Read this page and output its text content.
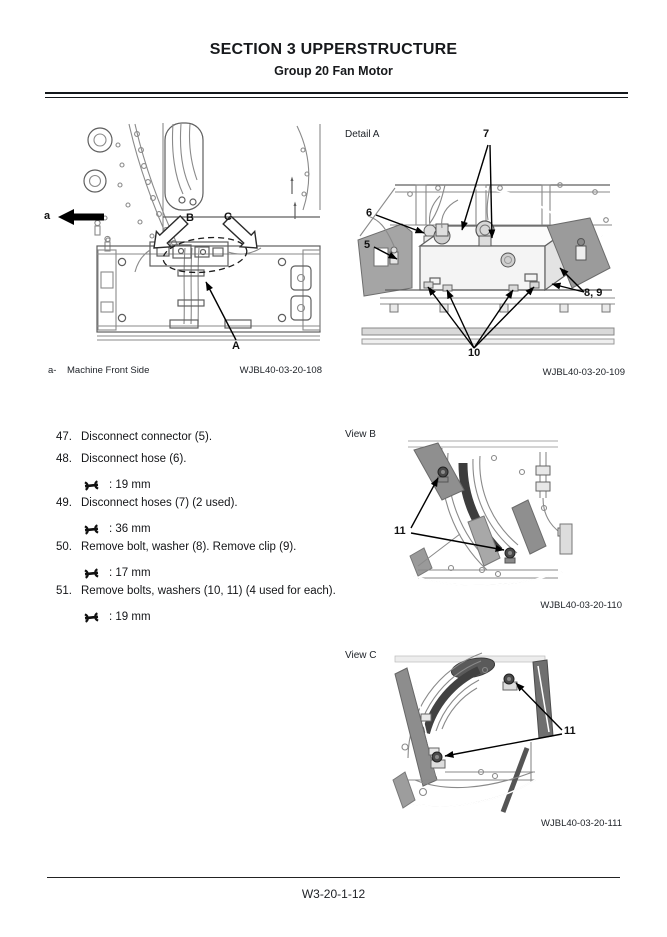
SECTION 3 UPPERSTRUCTURE
Group 20 Fan Motor
a	B	C
A
a-	Machine Front Side	WJBL40-03-20-108
Detail A	7
6
5
8, 9
10
WJBL40-03-20-109
47. Disconnect connector (5).
48. Disconnect hose (6).
: 19 mm
49. Disconnect hoses (7) (2 used).
: 36 mm
50. Remove bolt, washer (8). Remove clip (9).
: 17 mm
51. Remove bolts, washers (10, 11) (4 used for each).
: 19 mm
View B
11
WJBL40-03-20-110
View C
11
WJBL40-03-20-111
W3-20-1-12
